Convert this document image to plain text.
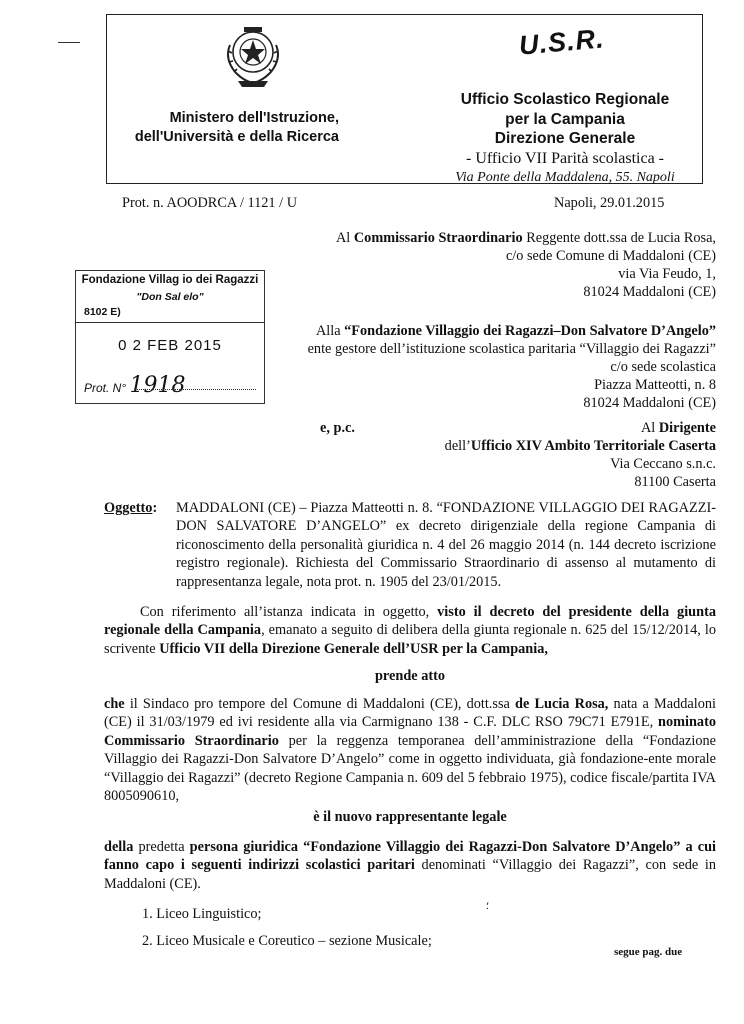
Ministero dell'Istruzione,
dell'Università e della Ricerca
U.S.R.
Ufficio Scolastico Regionale
per la Campania
Direzione Generale
- Ufficio VII Parità scolastica -
Via Ponte della Maddalena, 55. Napoli
Prot. n. AOODRCA / 1121 / U	Napoli, 29.01.2015
Al Commissario Straordinario Reggente dott.ssa de Lucia Rosa,
c/o sede Comune di Maddaloni (CE)
via Via Feudo, 1,
81024 Maddaloni (CE)
Fondazione Villag io dei Ragazzi
"Don Sal elo"
8102 E)
0 2 FEB 2015
Prot. N° 1918
Alla “Fondazione Villaggio dei Ragazzi–Don Salvatore D’Angelo”
ente gestore dell’istituzione scolastica paritaria “Villaggio dei Ragazzi”
c/o sede scolastica
Piazza Matteotti, n. 8
81024 Maddaloni (CE)
e, p.c.	Al Dirigente
dell’Ufficio XIV Ambito Territoriale Caserta
Via Ceccano s.n.c.
81100 Caserta
Oggetto: MADDALONI (CE) – Piazza Matteotti n. 8. “FONDAZIONE VILLAGGIO DEI RAGAZZI-DON SALVATORE D’ANGELO” ex decreto dirigenziale della regione Campania di riconoscimento della personalità giuridica n. 4 del 26 maggio 2014 (n. 144 decreto iscrizione registro regionale). Richiesta del Commissario Straordinario di assenso al mutamento di rappresentanza legale, nota prot. n. 1905 del 23/01/2015.
Con riferimento all’istanza indicata in oggetto, visto il decreto del presidente della giunta regionale della Campania, emanato a seguito di delibera della giunta regionale n. 625 del 15/12/2014, lo scrivente Ufficio VII della Direzione Generale dell’USR per la Campania,
prende atto
che il Sindaco pro tempore del Comune di Maddaloni (CE), dott.ssa de Lucia Rosa, nata a Maddaloni (CE) il 31/03/1979 ed ivi residente alla via Carmignano 138 - C.F. DLC RSO 79C71 E791E, nominato Commissario Straordinario per la reggenza temporanea dell’amministrazione della “Fondazione Villaggio dei Ragazzi-Don Salvatore D’Angelo” come in oggetto individuata, già fondazione-ente morale “Villaggio dei Ragazzi” (decreto Regione Campania n. 609 del 5 febbraio 1975), codice fiscale/partita IVA 8005090610,
è il nuovo rappresentante legale
della predetta persona giuridica “Fondazione Villaggio dei Ragazzi-Don Salvatore D’Angelo” a cui fanno capo i seguenti indirizzi scolastici paritari denominati “Villaggio dei Ragazzi”, con sede in Maddaloni (CE).
1. Liceo Linguistico;
2. Liceo Musicale e Coreutico – sezione Musicale;
⸵
segue pag. due
